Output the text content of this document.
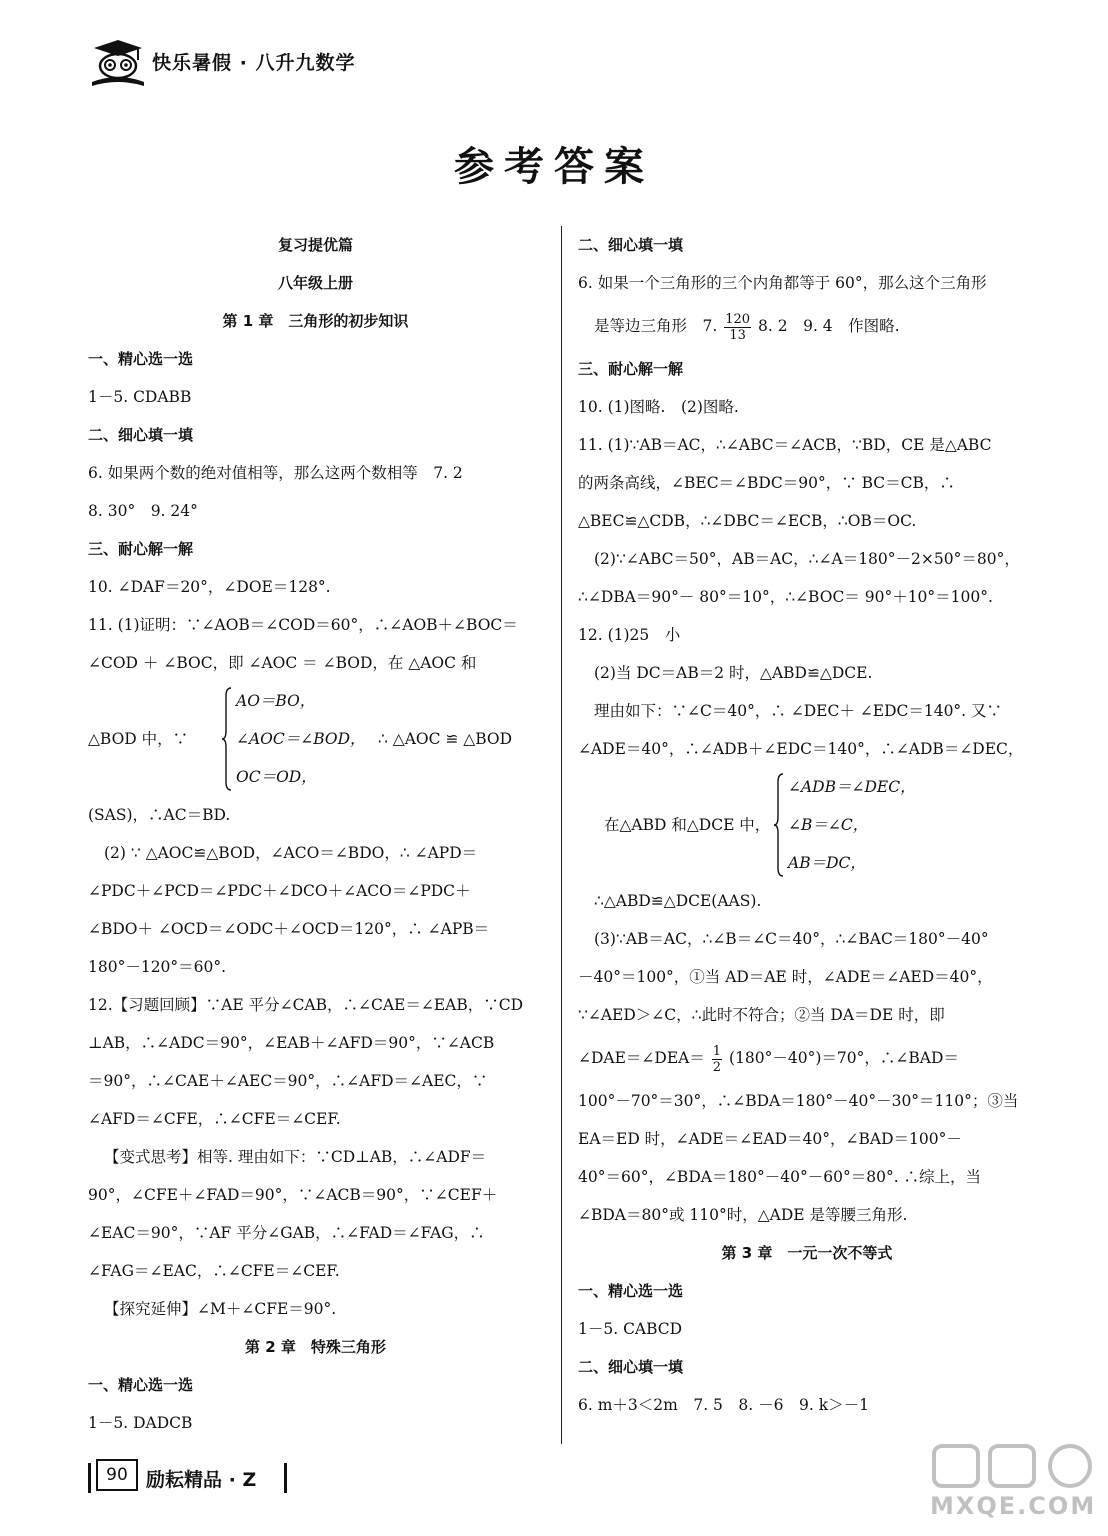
快乐暑假 · 八升九数学
参考答案
复习提优篇
八年级上册
第 1 章　三角形的初步知识
一、精心选一选
1－5. CDABB
二、细心填一填
6. 如果两个数的绝对值相等，那么这两个数相等　7. 2
8. 30°　9. 24°
三、耐心解一解
10. ∠DAF＝20°，∠DOE＝128°.
11. (1)证明：∵∠AOB＝∠COD＝60°，∴∠AOB＋∠BOC＝
∠COD ＋ ∠BOC，即 ∠AOC ＝ ∠BOD，在 △AOC 和
△BOD 中，∵
AO＝BO，
∠AOC＝∠BOD，
OC＝OD，
∴ △AOC ≌ △BOD
(SAS)，∴AC＝BD.
(2) ∵ △AOC≌△BOD，∠ACO＝∠BDO，∴ ∠APD＝
∠PDC＋∠PCD＝∠PDC＋∠DCO＋∠ACO＝∠PDC＋
∠BDO＋ ∠OCD＝∠ODC＋∠OCD＝120°，∴ ∠APB＝
180°－120°＝60°.
12.【习题回顾】∵AE 平分∠CAB，∴∠CAE＝∠EAB，∵CD
⊥AB，∴∠ADC＝90°，∠EAB＋∠AFD＝90°，∵∠ACB
＝90°，∴∠CAE＋∠AEC＝90°，∴∠AFD＝∠AEC，∵
∠AFD＝∠CFE，∴∠CFE＝∠CEF.
【变式思考】相等. 理由如下：∵CD⊥AB，∴∠ADF＝
90°，∠CFE＋∠FAD＝90°，∵∠ACB＝90°，∵∠CEF＋
∠EAC＝90°，∵AF 平分∠GAB，∴∠FAD＝∠FAG，∴
∠FAG＝∠EAC，∴∠CFE＝∠CEF.
【探究延伸】∠M＋∠CFE＝90°.
第 2 章　特殊三角形
一、精心选一选
1－5. DADCB
二、细心填一填
6. 如果一个三角形的三个内角都等于 60°，那么这个三角形
是等边三角形　7. $\frac{120}{13} 8$. 2　9. 4　作图略.
三、耐心解一解
10. (1)图略.　(2)图略.
11. (1)∵AB＝AC，∴∠ABC＝∠ACB，∵BD，CE 是△ABC
的两条高线，∠BEC＝∠BDC＝90°，∵ BC＝CB，∴
△BEC≌△CDB，∴∠DBC＝∠ECB，∴OB＝OC.
(2)∵∠ABC＝50°，AB＝AC，∴∠A＝180°－2×50°＝80°，
∴∠DBA＝90°－ 80°＝10°，∴∠BOC＝ 90°＋10°＝100°.
12. (1)25　小
(2)当 DC＝AB＝2 时，△ABD≌△DCE.
理由如下：∵∠C＝40°，∴ ∠DEC＋ ∠EDC＝140°. 又∵
∠ADE＝40°，∴∠ADB＋∠EDC＝140°，∴∠ADB＝∠DEC，
在△ABD 和△DCE 中，
∠ADB＝∠DEC，
∠B＝∠C，
AB＝DC，
∴△ABD≌△DCE(AAS).
(3)∵AB＝AC，∴∠B＝∠C＝40°，∴∠BAC＝180°－40°
－40°＝100°，①当 AD＝AE 时，∠ADE＝∠AED＝40°，
∵∠AED＞∠C，∴此时不符合；②当 DA＝DE 时，即
∠DAE＝∠DEA＝ $\frac{1}{2} (180^\circ-40^\circ)=70^\circ$，∴∠BAD＝
100°－70°＝30°，∴∠BDA＝180°－40°－30°＝110°；③当
EA＝ED 时，∠ADE＝∠EAD＝40°，∠BAD＝100°－
40°＝60°，∠BDA＝180°－40°－60°＝80°. ∴综上，当
∠BDA＝80°或 110°时，△ADE 是等腰三角形.
第 3 章　一元一次不等式
一、精心选一选
1－5. CABCD
二、细心填一填
6. m＋3＜2m　7. 5　8. －6　9. k＞－1
90 励耘精品 · Z
MXQE.COM
